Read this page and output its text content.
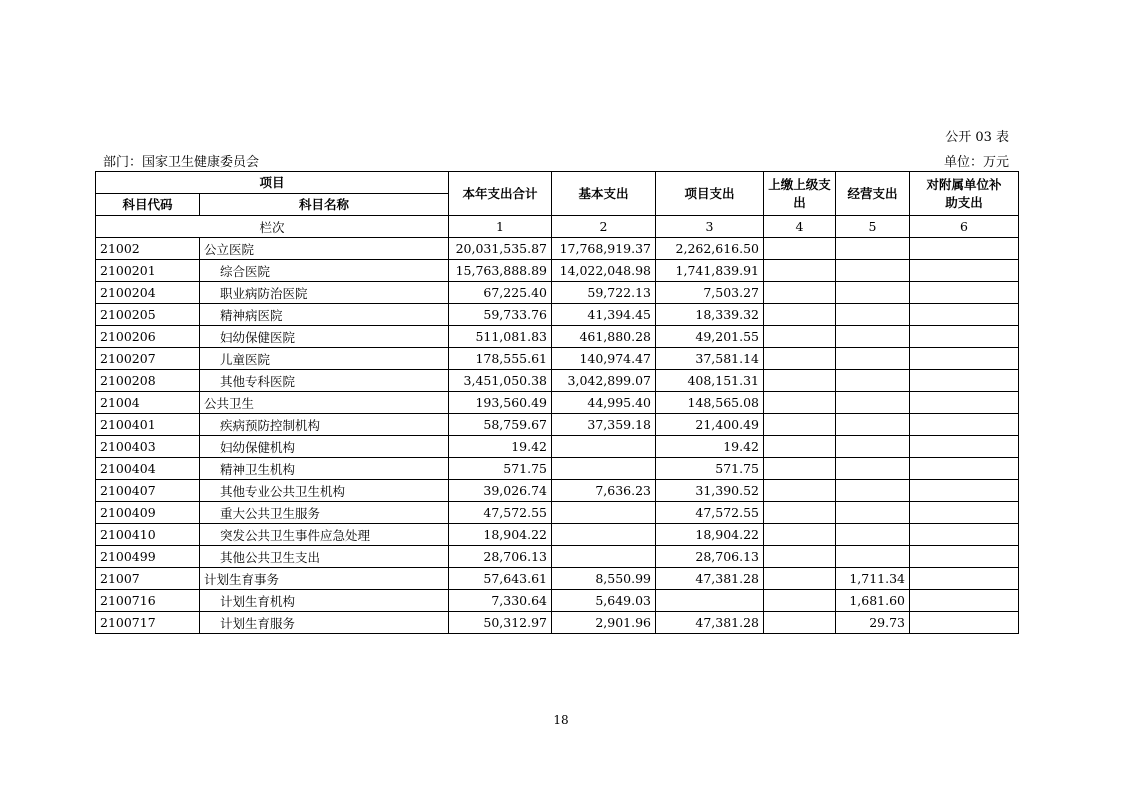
公开 03 表
部门：国家卫生健康委员会	单位：万元
项目		本年支出合计	基本支出	项目支出	上缴上级支出	经营支出	对附属单位补助支出
科目代码	科目名称						
栏次		1	2	3	4	5	6
21002	公立医院	20,031,535.87	17,768,919.37	2,262,616.50			
2100201	综合医院	15,763,888.89	14,022,048.98	1,741,839.91			
2100204	职业病防治医院	67,225.40	59,722.13	7,503.27			
2100205	精神病医院	59,733.76	41,394.45	18,339.32			
2100206	妇幼保健医院	511,081.83	461,880.28	49,201.55			
2100207	儿童医院	178,555.61	140,974.47	37,581.14			
2100208	其他专科医院	3,451,050.38	3,042,899.07	408,151.31			
21004	公共卫生	193,560.49	44,995.40	148,565.08			
2100401	疾病预防控制机构	58,759.67	37,359.18	21,400.49			
2100403	妇幼保健机构	19.42		19.42			
2100404	精神卫生机构	571.75		571.75			
2100407	其他专业公共卫生机构	39,026.74	7,636.23	31,390.52			
2100409	重大公共卫生服务	47,572.55		47,572.55			
2100410	突发公共卫生事件应急处理	18,904.22		18,904.22			
2100499	其他公共卫生支出	28,706.13		28,706.13			
21007	计划生育事务	57,643.61	8,550.99	47,381.28		1,711.34	
2100716	计划生育机构	7,330.64	5,649.03			1,681.60	
2100717	计划生育服务	50,312.97	2,901.96	47,381.28		29.73	
18
